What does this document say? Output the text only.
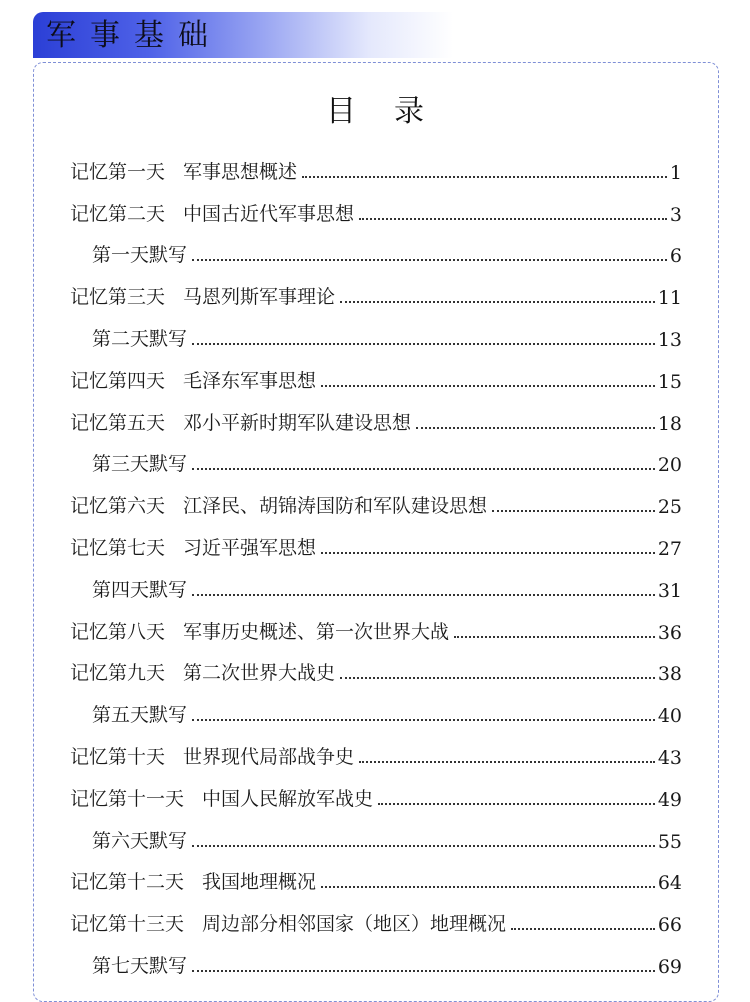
军事基础
目录
记忆第一天 军事思想概述	1
记忆第二天 中国古近代军事思想	3
第一天默写	6
记忆第三天 马恩列斯军事理论	11
第二天默写	13
记忆第四天 毛泽东军事思想	15
记忆第五天 邓小平新时期军队建设思想	18
第三天默写	20
记忆第六天 江泽民、胡锦涛国防和军队建设思想	25
记忆第七天 习近平强军思想	27
第四天默写	31
记忆第八天 军事历史概述、第一次世界大战	36
记忆第九天 第二次世界大战史	38
第五天默写	40
记忆第十天 世界现代局部战争史	43
记忆第十一天 中国人民解放军战史	49
第六天默写	55
记忆第十二天 我国地理概况	64
记忆第十三天 周边部分相邻国家（地区）地理概况	66
第七天默写	69
